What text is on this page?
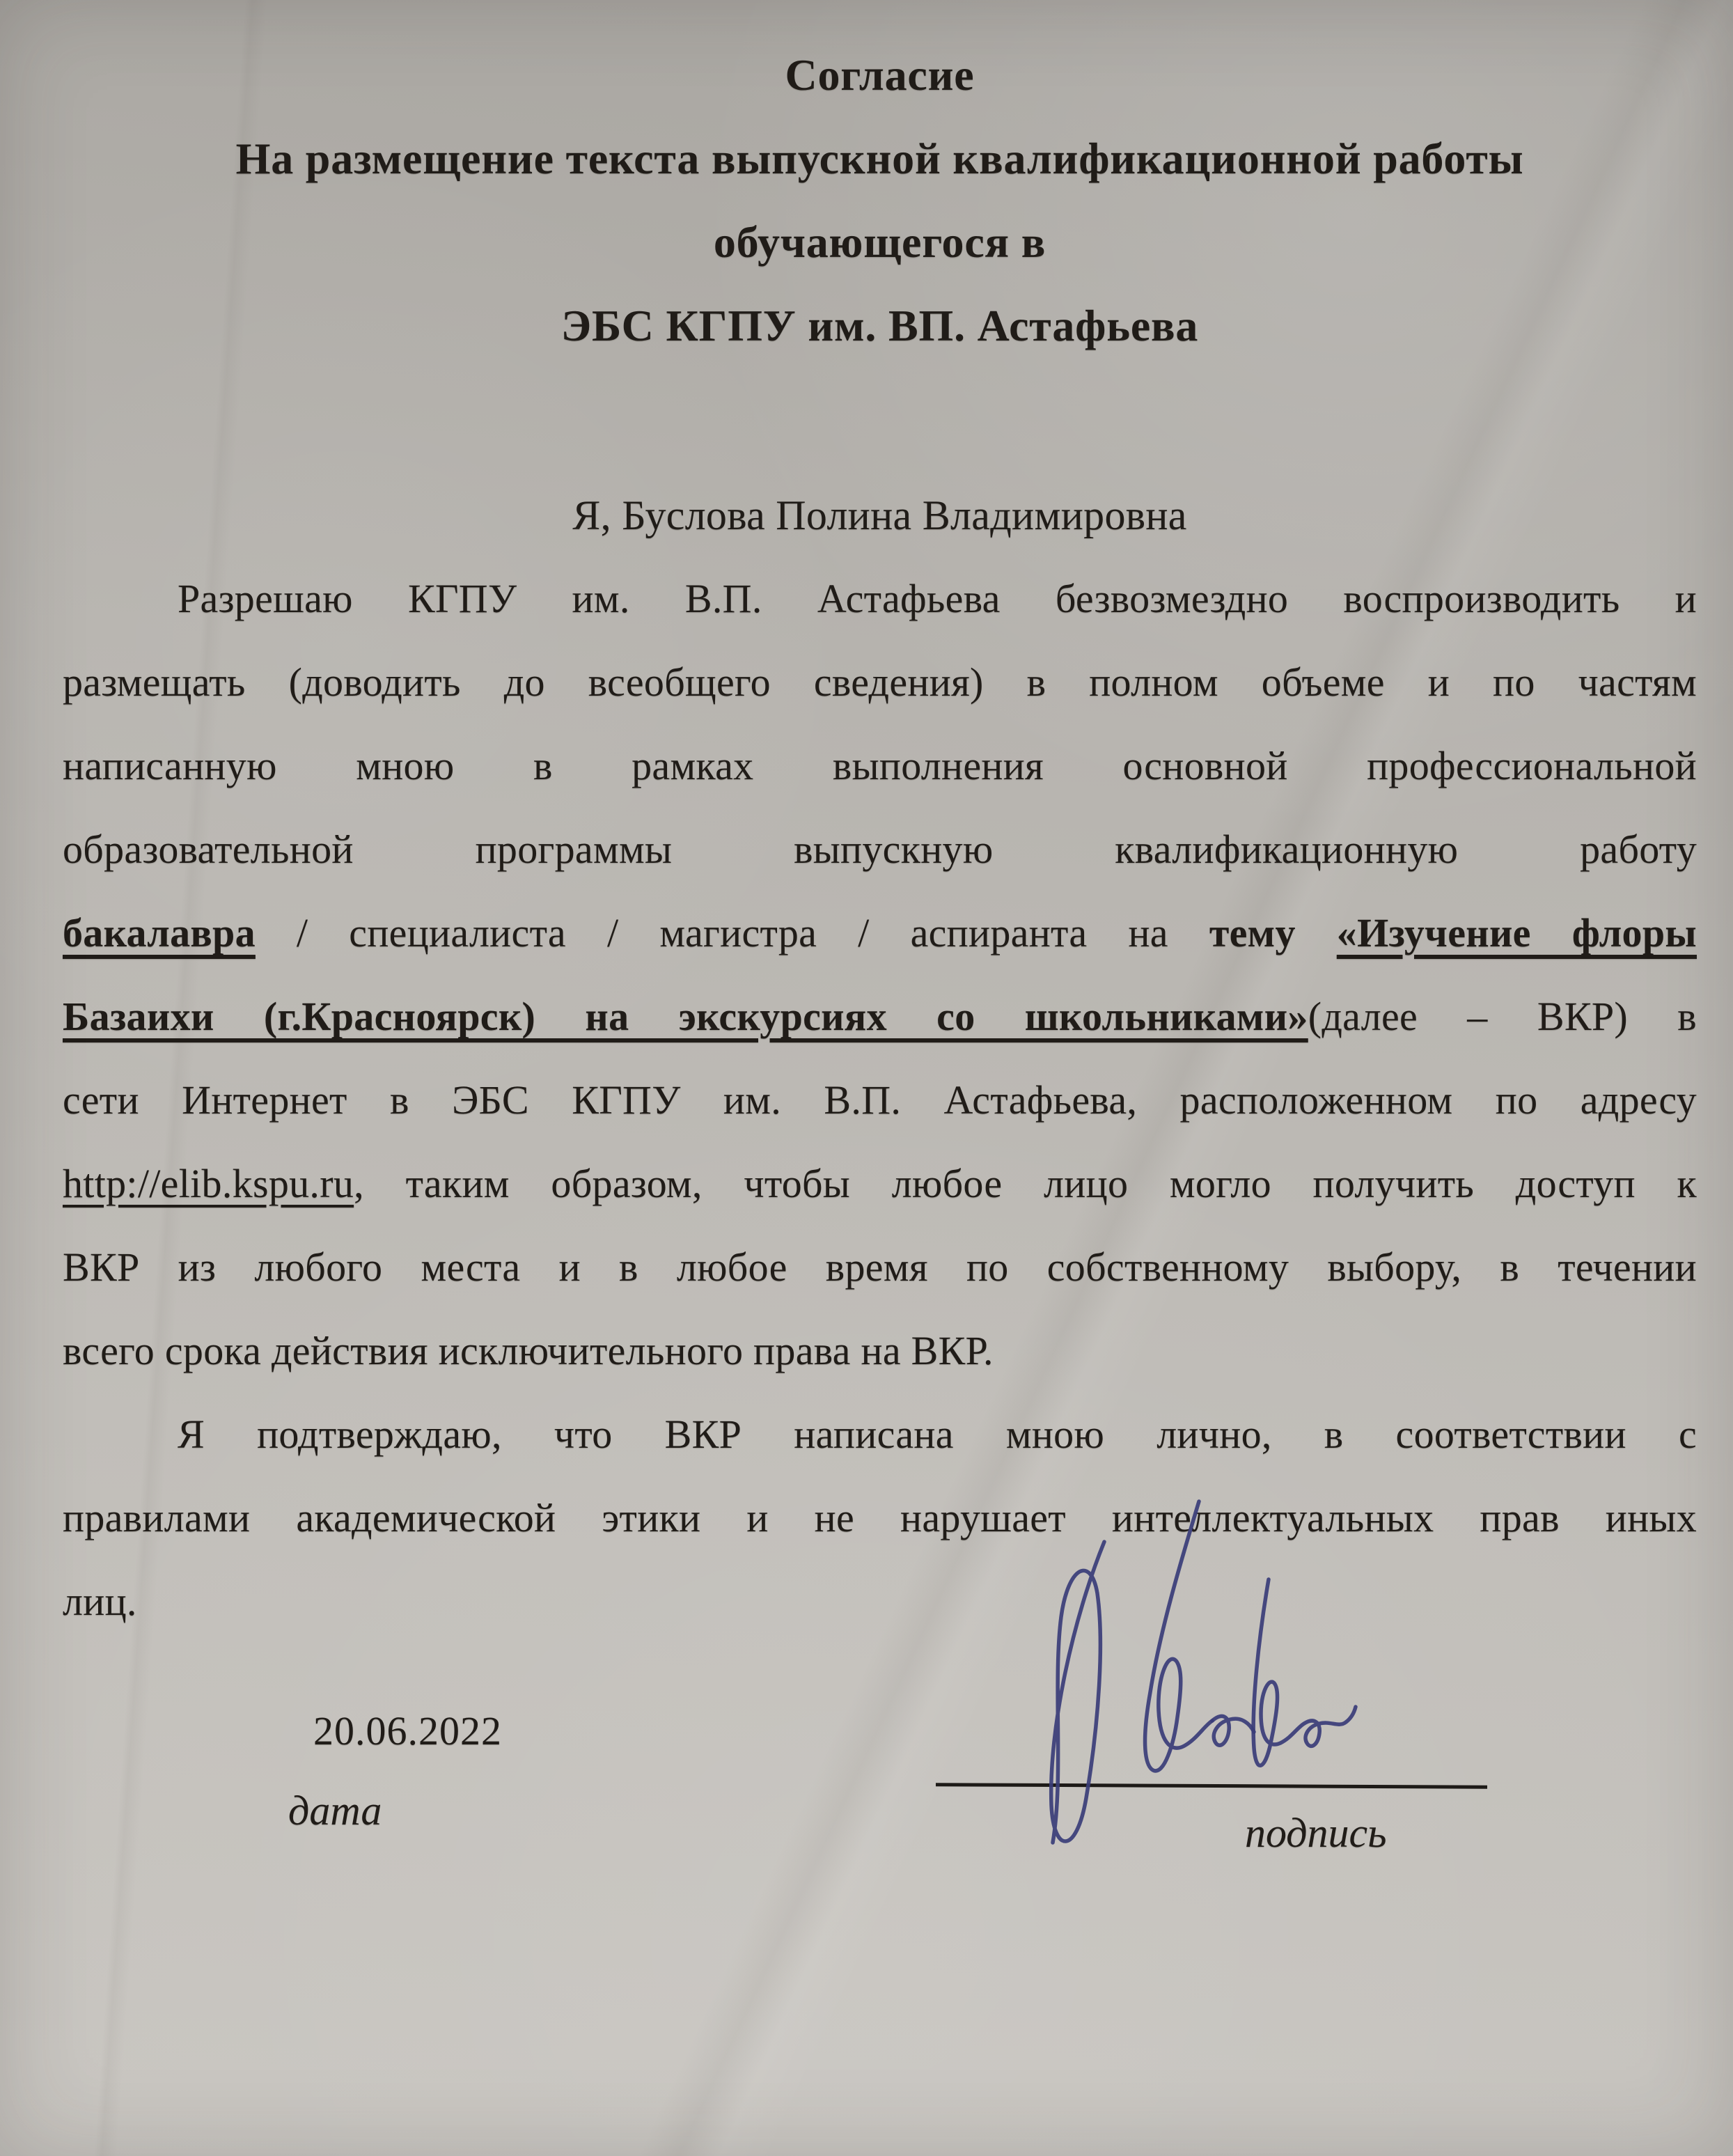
Согласие
На размещение текста выпускной квалификационной работы
обучающегося в
ЭБС КГПУ им. ВП. Астафьева
Я, Буслова Полина Владимировна
Разрешаю КГПУ им. В.П. Астафьева безвозмездно воспроизводить и
размещать (доводить до всеобщего сведения) в полном объеме и по частям
написанную мною в рамках выполнения основной профессиональной
образовательной программы выпускную квалификационную работу
бакалавра / специалиста / магистра / аспиранта на тему «Изучение флоры
Базаихи (г.Красноярск) на экскурсиях со школьниками»(далее – ВКР) в
сети Интернет в ЭБС КГПУ им. В.П. Астафьева, расположенном по адресу
http://elib.kspu.ru, таким образом, чтобы любое лицо могло получить доступ к
ВКР из любого места и в любое время по собственному выбору, в течении
всего срока действия исключительного права на ВКР.
Я подтверждаю, что ВКР написана мною лично, в соответствии с
правилами академической этики и не нарушает интеллектуальных прав иных
лиц.
20.06.2022
дата	подпись
